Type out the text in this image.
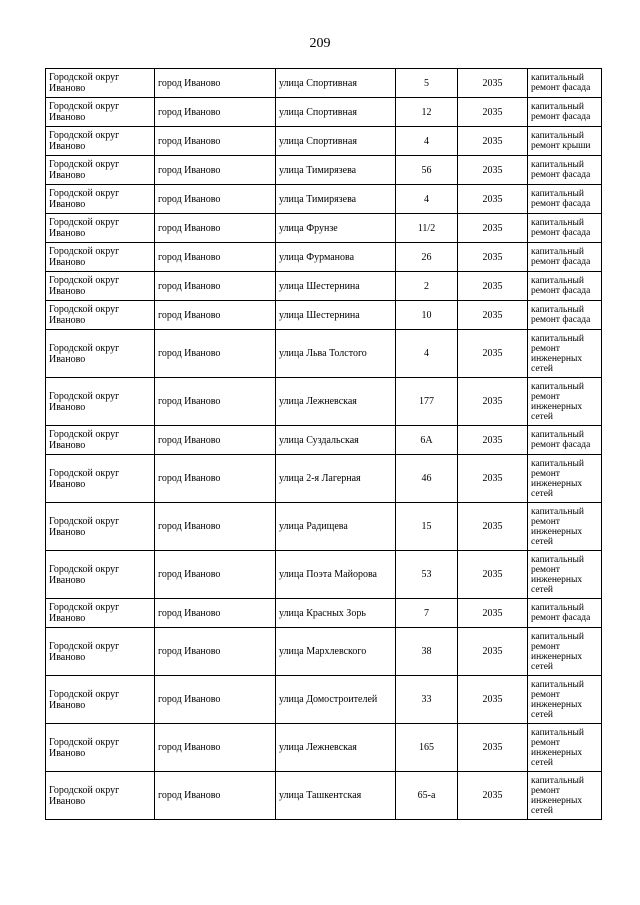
209
Городской округ Иваново	город Иваново	улица Спортивная	5	2035	капитальный ремонт фасада
Городской округ Иваново	город Иваново	улица Спортивная	12	2035	капитальный ремонт фасада
Городской округ Иваново	город Иваново	улица Спортивная	4	2035	капитальный ремонт крыши
Городской округ Иваново	город Иваново	улица Тимирязева	56	2035	капитальный ремонт фасада
Городской округ Иваново	город Иваново	улица Тимирязева	4	2035	капитальный ремонт фасада
Городской округ Иваново	город Иваново	улица Фрунзе	11/2	2035	капитальный ремонт фасада
Городской округ Иваново	город Иваново	улица Фурманова	26	2035	капитальный ремонт фасада
Городской округ Иваново	город Иваново	улица Шестернина	2	2035	капитальный ремонт фасада
Городской округ Иваново	город Иваново	улица Шестернина	10	2035	капитальный ремонт фасада
Городской округ Иваново	город Иваново	улица Льва Толстого	4	2035	капитальный ремонт инженерных сетей
Городской округ Иваново	город Иваново	улица Лежневская	177	2035	капитальный ремонт инженерных сетей
Городской округ Иваново	город Иваново	улица Суздальская	6А	2035	капитальный ремонт фасада
Городской округ Иваново	город Иваново	улица 2-я Лагерная	46	2035	капитальный ремонт инженерных сетей
Городской округ Иваново	город Иваново	улица Радищева	15	2035	капитальный ремонт инженерных сетей
Городской округ Иваново	город Иваново	улица Поэта Майорова	53	2035	капитальный ремонт инженерных сетей
Городской округ Иваново	город Иваново	улица Красных Зорь	7	2035	капитальный ремонт фасада
Городской округ Иваново	город Иваново	улица Мархлевского	38	2035	капитальный ремонт инженерных сетей
Городской округ Иваново	город Иваново	улица Домостроителей	33	2035	капитальный ремонт инженерных сетей
Городской округ Иваново	город Иваново	улица Лежневская	165	2035	капитальный ремонт инженерных сетей
Городской округ Иваново	город Иваново	улица Ташкентская	65-а	2035	капитальный ремонт инженерных сетей
